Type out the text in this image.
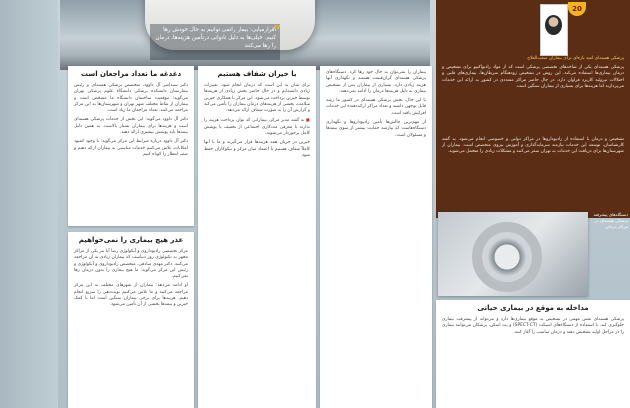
اقرارمیایی: بیمار راتمی توانیم به حال خودش رها کنیم. خیلی‌ها به دلیل ناتوانی درتأمین هزینه‌ها، درمان را رها می‌کنند
“
دغدغه ما تعداد مراجعان است

دکتر سیدامیر آل داوود، متخصص پزشکی هسته‌ای و رئیس بیمارستان دانشکده پزشکی دانشگاه علوم پزشکی تهران می‌گوید: موقعیت ساختمان دانشگاه ما مشخص است و بیماران از نقاط مختلف شهر تهران و شهرستان‌ها به این مرکز مراجعه می‌کنند. تعداد مراجعان ما زیاد است.

دکتر آل داوود می‌گوید: این بخش از خدمات پزشکی هسته‌ای است و هزینه‌ها برای بیماران بسیار بالاست. به همین دلیل بیمه‌ها باید پوشش بیشتری ارائه دهند.

دکتر آل داوود درباره شرایط این مرکز می‌گوید: با وجود کمبود امکانات، تلاش می‌کنیم خدمات مناسبی به بیماران ارائه دهیم و صف انتظار را کوتاه کنیم.

عذر هیچ بیماری را نمی‌خواهیم

مرکز تخصصی رادیوداروی و آنکولوژی رضا آبا نیز یکی از مراکز مجهز به تکنولوژی روز دنیاست که بیماران زیادی به آن مراجعه می‌کنند. دکتر مهدی صادقی، متخصص رادیوداروی و آنکولوژی و رئیس این مرکز می‌گوید: ما هیچ بیماری را بدون درمان رها نمی‌کنیم.

او ادامه می‌دهد: بیماران از شهرهای مختلف به این مرکز مراجعه می‌کنند و ما تلاش می‌کنیم نوبت‌دهی را سریع انجام دهیم. هزینه‌ها برای برخی بیماران سنگین است اما با کمک خیرین و بیمه‌ها بخشی از آن تأمین می‌شود.

با خیران شفاف هستیم

برای شان به این است که درمان انجام شود. تغییرات زیادی داشته‌ایم و در حال حاضر بخش زیادی از هزینه‌ها توسط خیرین پرداخت می‌شود. این مرکز با همکاری خیرین سلامت، بخشی از هزینه‌های درمان بیماران را تأمین می‌کند و گزارش آن را به صورت شفاف ارائه می‌دهد.

■ به گفته مدیر مرکز، بیمارانی که توان پرداخت هزینه را ندارند با معرفی مددکاری اجتماعی از تخفیف یا پوشش کامل برخوردار می‌شوند.

خیرین در جریان همه هزینه‌ها قرار می‌گیرند و ما با آنها کاملاً شفاف هستیم تا اعتماد میان مرکز و نیکوکاران حفظ شود.

بیماران را نمی‌توان به حال خود رها کرد. دستگاه‌های پزشکی هسته‌ای گران‌قیمت هستند و نگهداری آنها هزینه زیادی دارد. بسیاری از بیماران پس از تشخیص بیماری به دلیل هزینه‌ها درمان را ادامه نمی‌دهند.

با این حال، بخش پزشکی هسته‌ای در کشور ما رشد قابل توجهی داشته و تعداد مراکز ارائه‌دهنده این خدمات افزایش یافته است.

از مهم‌ترین چالش‌ها تأمین رادیوداروها و نگهداری دستگاه‌هاست که نیازمند حمایت بیشتر از سوی بیمه‌ها و مسئولان است.

پزشکی هسته‌ای امید تازه‌ای برای بیماران صعب‌العلاج

پزشکی هسته‌ای یکی از شاخه‌های تخصصی پزشکی است که از مواد رادیواکتیو برای تشخیص و درمان بیماری‌ها استفاده می‌کند. این روش در تشخیص زودهنگام سرطان‌ها، بیماری‌های قلبی و اختلالات تیروئید کاربرد فراوان دارد. در حال حاضر مراکز متعددی در کشور به ارائه این خدمات می‌پردازند اما هزینه‌ها برای بسیاری از بیماران سنگین است.

تشخیص و درمان با استفاده از رادیوداروها در مراکز دولتی و خصوصی انجام می‌شود. به گفته کارشناسان، توسعه این خدمات نیازمند سرمایه‌گذاری و آموزش نیروی متخصص است. بیماران از شهرستان‌ها برای دریافت این خدمات به تهران سفر می‌کنند و مشکلات زیادی را متحمل می‌شوند.

20
دستگاه‌های پیشرفته پزشکی هسته‌ای در مراکز درمانی
مداخله به موقع در بیماری حیاتی

پزشکی هسته‌ای نقش مهمی در تشخیص به موقع بیماری‌ها دارد و می‌تواند از پیشرفت بیماری جلوگیری کند. با استفاده از دستگاه‌های اسپکت (SPECT-CT) و پت اسکن، پزشکان می‌توانند بیماری را در مراحل اولیه تشخیص دهند و درمان مناسب را آغاز کنند.
